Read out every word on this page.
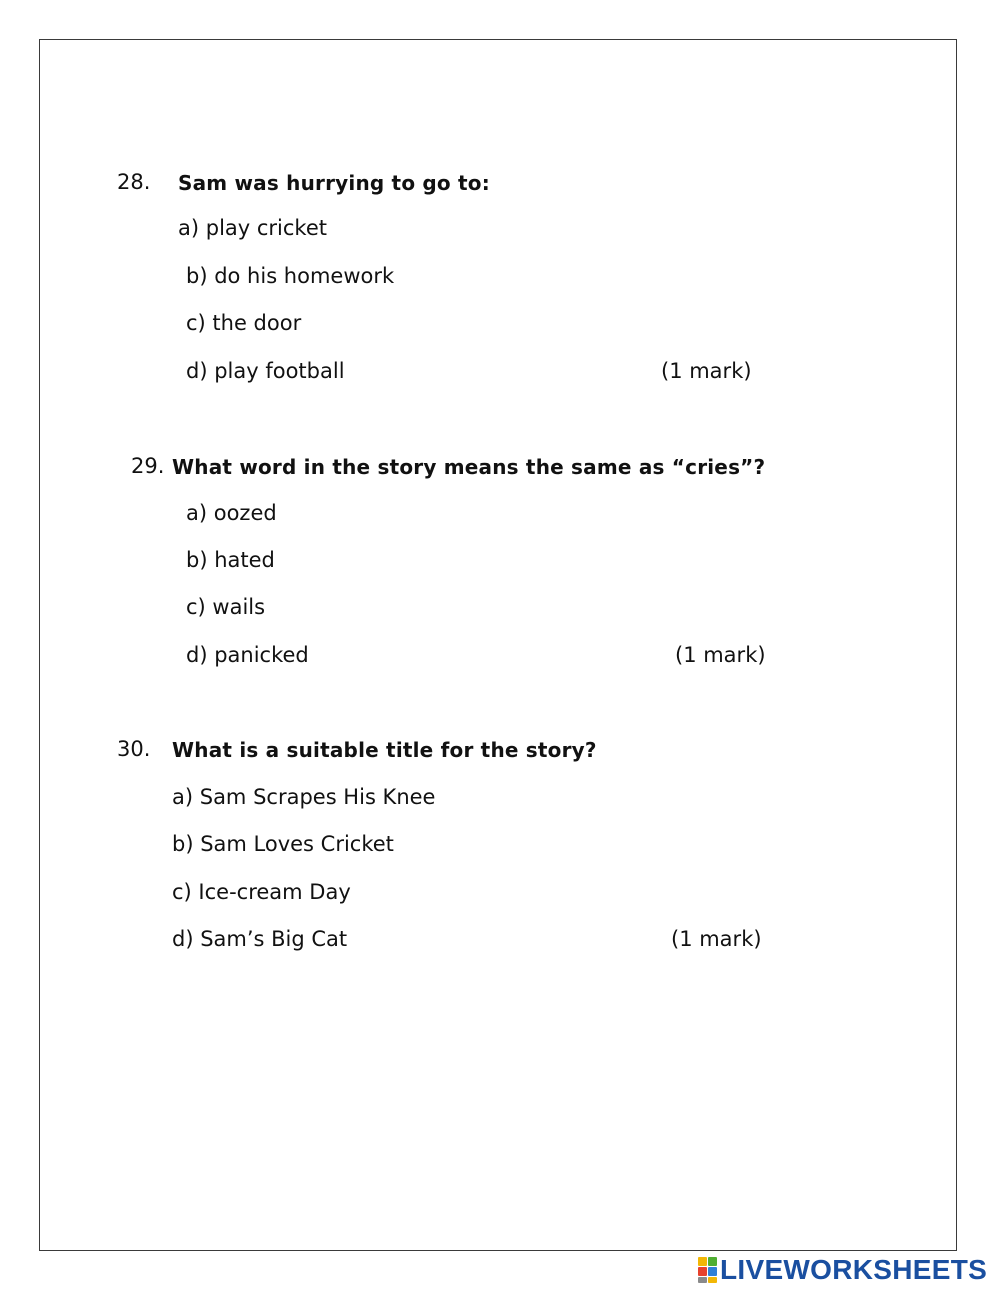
28. Sam was hurrying to go to:
a) play cricket
b) do his homework
c) the door
d) play football	(1 mark)
29. What word in the story means the same as “cries”?
a) oozed
b) hated
c) wails
d) panicked	(1 mark)
30. What is a suitable title for the story?
a) Sam Scrapes His Knee
b) Sam Loves Cricket
c) Ice-cream Day
d) Sam’s Big Cat	(1 mark)
LIVEWORKSHEETS
